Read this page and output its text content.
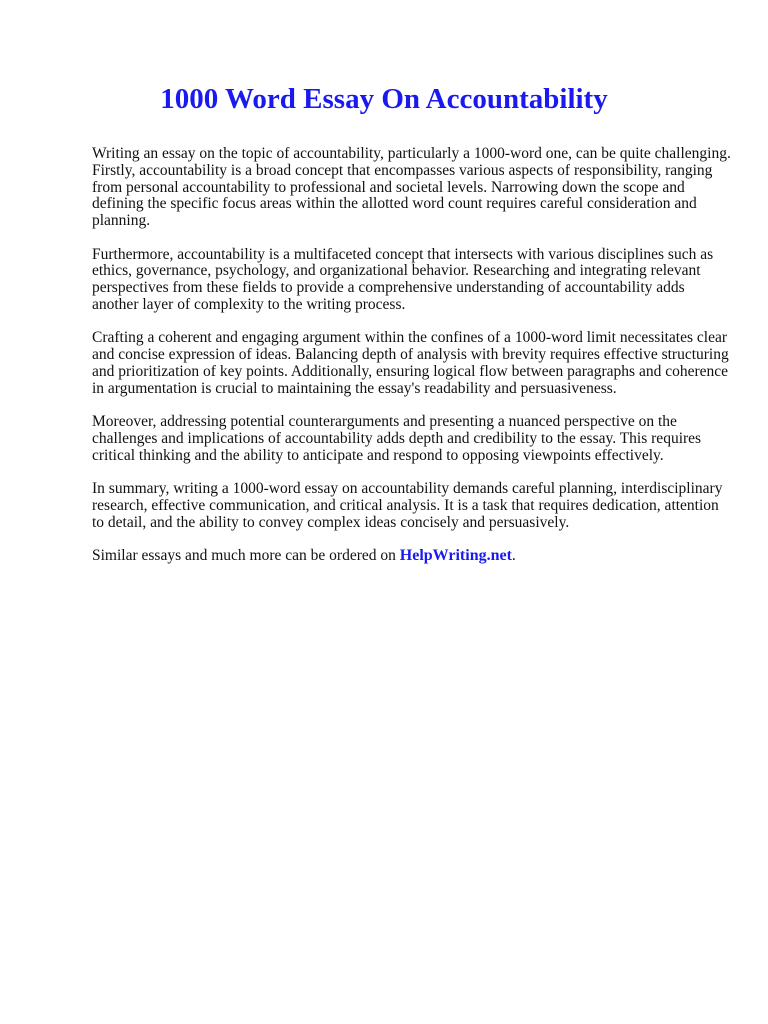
1000 Word Essay On Accountability

Writing an essay on the topic of accountability, particularly a 1000-word one, can be quite challenging. Firstly, accountability is a broad concept that encompasses various aspects of responsibility, ranging from personal accountability to professional and societal levels. Narrowing down the scope and defining the specific focus areas within the allotted word count requires careful consideration and planning.

Furthermore, accountability is a multifaceted concept that intersects with various disciplines such as ethics, governance, psychology, and organizational behavior. Researching and integrating relevant perspectives from these fields to provide a comprehensive understanding of accountability adds another layer of complexity to the writing process.

Crafting a coherent and engaging argument within the confines of a 1000-word limit necessitates clear and concise expression of ideas. Balancing depth of analysis with brevity requires effective structuring and prioritization of key points. Additionally, ensuring logical flow between paragraphs and coherence in argumentation is crucial to maintaining the essay's readability and persuasiveness.

Moreover, addressing potential counterarguments and presenting a nuanced perspective on the challenges and implications of accountability adds depth and credibility to the essay. This requires critical thinking and the ability to anticipate and respond to opposing viewpoints effectively.

In summary, writing a 1000-word essay on accountability demands careful planning, interdisciplinary research, effective communication, and critical analysis. It is a task that requires dedication, attention to detail, and the ability to convey complex ideas concisely and persuasively.

Similar essays and much more can be ordered on HelpWriting.net.
